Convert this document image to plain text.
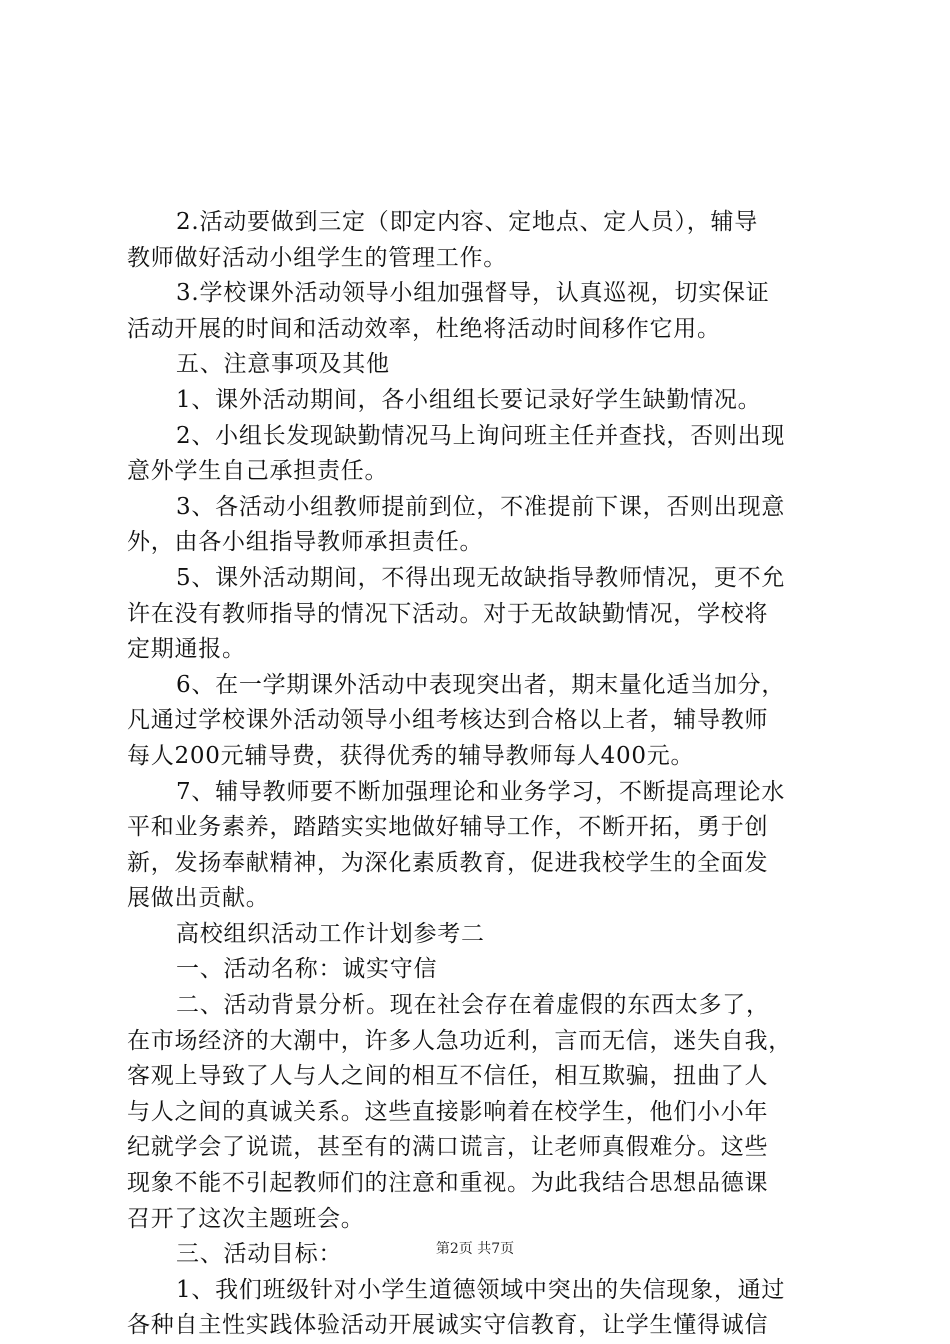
2.活动要做到三定（即定内容、定地点、定人员），辅导
教师做好活动小组学生的管理工作。
3.学校课外活动领导小组加强督导，认真巡视，切实保证
活动开展的时间和活动效率，杜绝将活动时间移作它用。
五、注意事项及其他
1、课外活动期间，各小组组长要记录好学生缺勤情况。
2、小组长发现缺勤情况马上询问班主任并查找，否则出现
意外学生自己承担责任。
3、各活动小组教师提前到位，不准提前下课，否则出现意
外，由各小组指导教师承担责任。
5、课外活动期间，不得出现无故缺指导教师情况，更不允
许在没有教师指导的情况下活动。对于无故缺勤情况，学校将
定期通报。
6、在一学期课外活动中表现突出者，期末量化适当加分，
凡通过学校课外活动领导小组考核达到合格以上者，辅导教师
每人200元辅导费，获得优秀的辅导教师每人400元。
7、辅导教师要不断加强理论和业务学习，不断提高理论水
平和业务素养，踏踏实实地做好辅导工作，不断开拓，勇于创
新，发扬奉献精神，为深化素质教育，促进我校学生的全面发
展做出贡献。
高校组织活动工作计划参考二
一、活动名称：诚实守信
二、活动背景分析。现在社会存在着虚假的东西太多了，
在市场经济的大潮中，许多人急功近利，言而无信，迷失自我，
客观上导致了人与人之间的相互不信任，相互欺骗，扭曲了人
与人之间的真诚关系。这些直接影响着在校学生，他们小小年
纪就学会了说谎，甚至有的满口谎言，让老师真假难分。这些
现象不能不引起教师们的注意和重视。为此我结合思想品德课
召开了这次主题班会。
三、活动目标：
1、我们班级针对小学生道德领域中突出的失信现象，通过
各种自主性实践体验活动开展诚实守信教育，让学生懂得诚信
第2页 共7页
